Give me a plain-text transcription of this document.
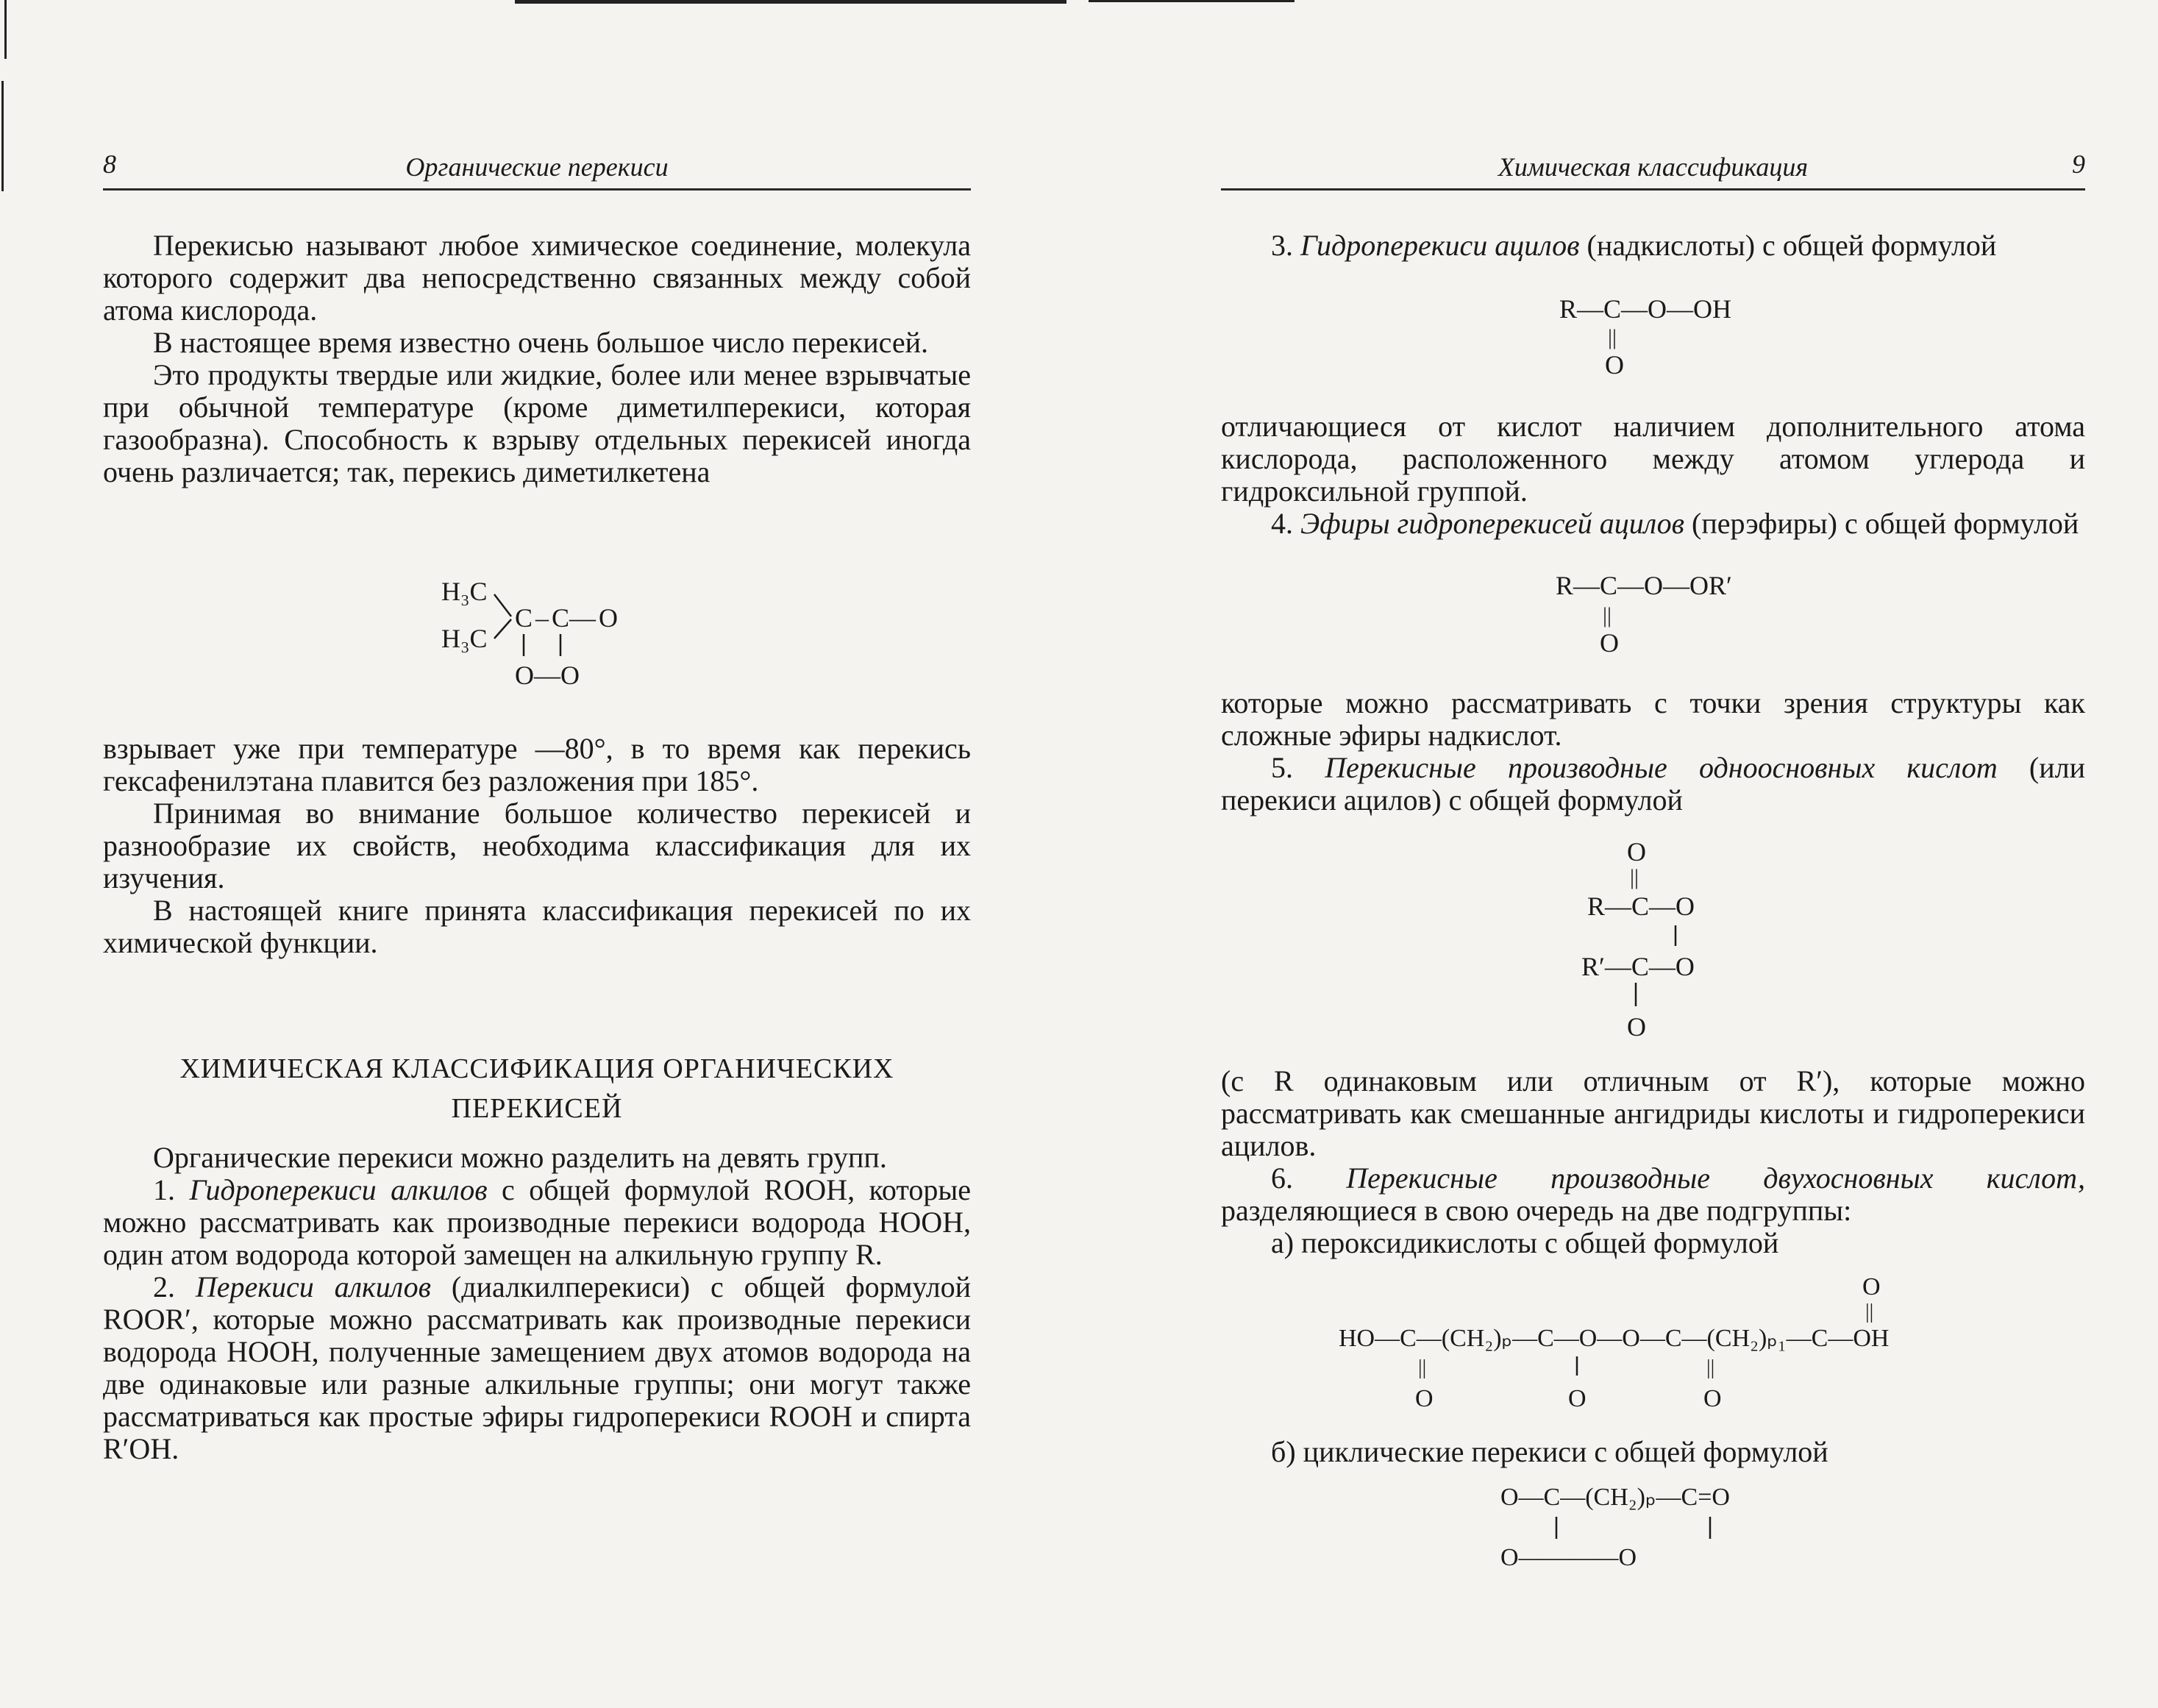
8	Органические перекиси

Перекисью называют любое химическое соединение, молекула которого содержит два непосредственно связанных между собой атома кислорода.

В настоящее время известно очень большое число перекисей.

Это продукты твердые или жидкие, более или менее взрывчатые при обычной температуре (кроме диметилперекиси, которая газообразна). Способность к взрыву отдельных перекисей иногда очень различается; так, перекись диметилкетена

H₃C
H₃C
C – C — O
O—O

взрывает уже при температуре —80°, в то время как перекись гексафенилэтана плавится без разложения при 185°.

Принимая во внимание большое количество перекисей и разнообразие их свойств, необходима классификация для их изучения.

В настоящей книге принята классификация перекисей по их химической функции.

ХИМИЧЕСКАЯ КЛАССИФИКАЦИЯ ОРГАНИЧЕСКИХ
ПЕРЕКИСЕЙ

Органические перекиси можно разделить на девять групп.

1. Гидроперекиси алкилов с общей формулой ROOH, которые можно рассматривать как производные перекиси водорода HOOH, один атом водорода которой замещен на алкильную группу R.

2. Перекиси алкилов (диалкилперекиси) с общей формулой ROOR′, которые можно рассматривать как производные перекиси водорода HOOH, полученные замещением двух атомов водорода на две одинаковые или разные алкильные группы; они могут также рассматриваться как простые эфиры гидроперекиси ROOH и спирта R′OH.

Химическая классификация	9

3. Гидроперекиси ацилов (надкислоты) с общей формулой

R—C—O—OH
||
O

отличающиеся от кислот наличием дополнительного атома кислорода, расположенного между атомом углерода и гидроксильной группой.

4. Эфиры гидроперекисей ацилов (перэфиры) с общей формулой

R—C—O—OR′
||
O

которые можно рассматривать с точки зрения структуры как сложные эфиры надкислот.

5. Перекисные производные одноосновных кислот (или перекиси ацилов) с общей формулой

O
||
R—C—O
R′—C—O
O

(с R одинаковым или отличным от R′), которые можно рассматривать как смешанные ангидриды кислоты и гидроперекиси ацилов.

6. Перекисные производные двухосновных кислот, разделяющиеся в свою очередь на две подгруппы:

а) пероксидикислоты с общей формулой

O
||
HO—C—(CH₂)ₚ—C—O—O—C—(CH₂)ₚ₁—C—OH
||	||
O	O	O

б) циклические перекиси с общей формулой

O—C—(CH₂)ₚ—C=O
O————O
